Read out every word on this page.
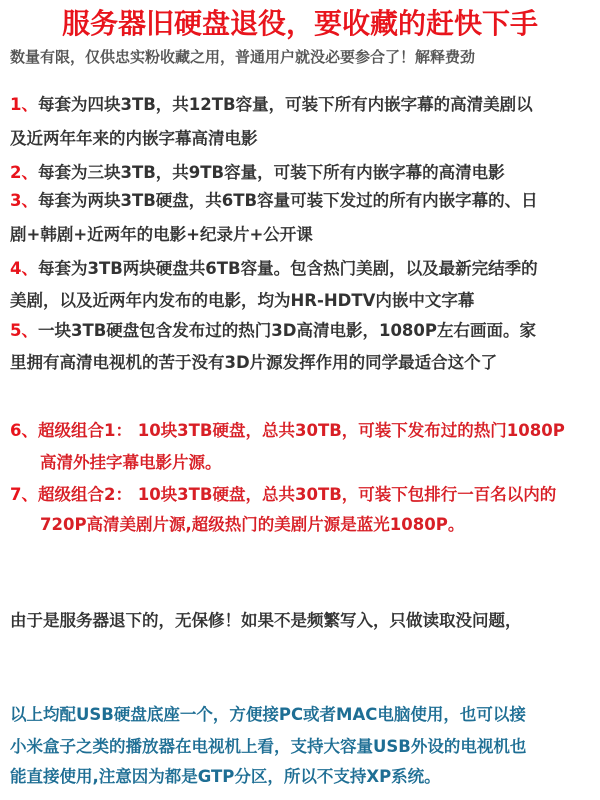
服务器旧硬盘退役，要收藏的赶快下手
数量有限，仅供忠实粉收藏之用，普通用户就没必要参合了！解释费劲
1、每套为四块3TB，共12TB容量，可装下所有内嵌字幕的高清美剧以
及近两年年来的内嵌字幕高清电影
2、每套为三块3TB，共9TB容量，可装下所有内嵌字幕的高清电影
3、每套为两块3TB硬盘，共6TB容量可装下发过的所有内嵌字幕的、日
剧+韩剧+近两年的电影+纪录片+公开课
4、每套为3TB两块硬盘共6TB容量。包含热门美剧，以及最新完结季的
美剧，以及近两年内发布的电影，均为HR-HDTV内嵌中文字幕
5、一块3TB硬盘包含发布过的热门3D高清电影，1080P左右画面。家
里拥有高清电视机的苦于没有3D片源发挥作用的同学最适合这个了
6、超级组合1： 10块3TB硬盘，总共30TB，可装下发布过的热门1080P
高清外挂字幕电影片源。
7、超级组合2： 10块3TB硬盘，总共30TB，可装下包排行一百名以内的
720P高清美剧片源,超级热门的美剧片源是蓝光1080P。
由于是服务器退下的，无保修！如果不是频繁写入，只做读取没问题，
以上均配USB硬盘底座一个，方便接PC或者MAC电脑使用，也可以接
小米盒子之类的播放器在电视机上看，支持大容量USB外设的电视机也
能直接使用,注意因为都是GTP分区，所以不支持XP系统。
